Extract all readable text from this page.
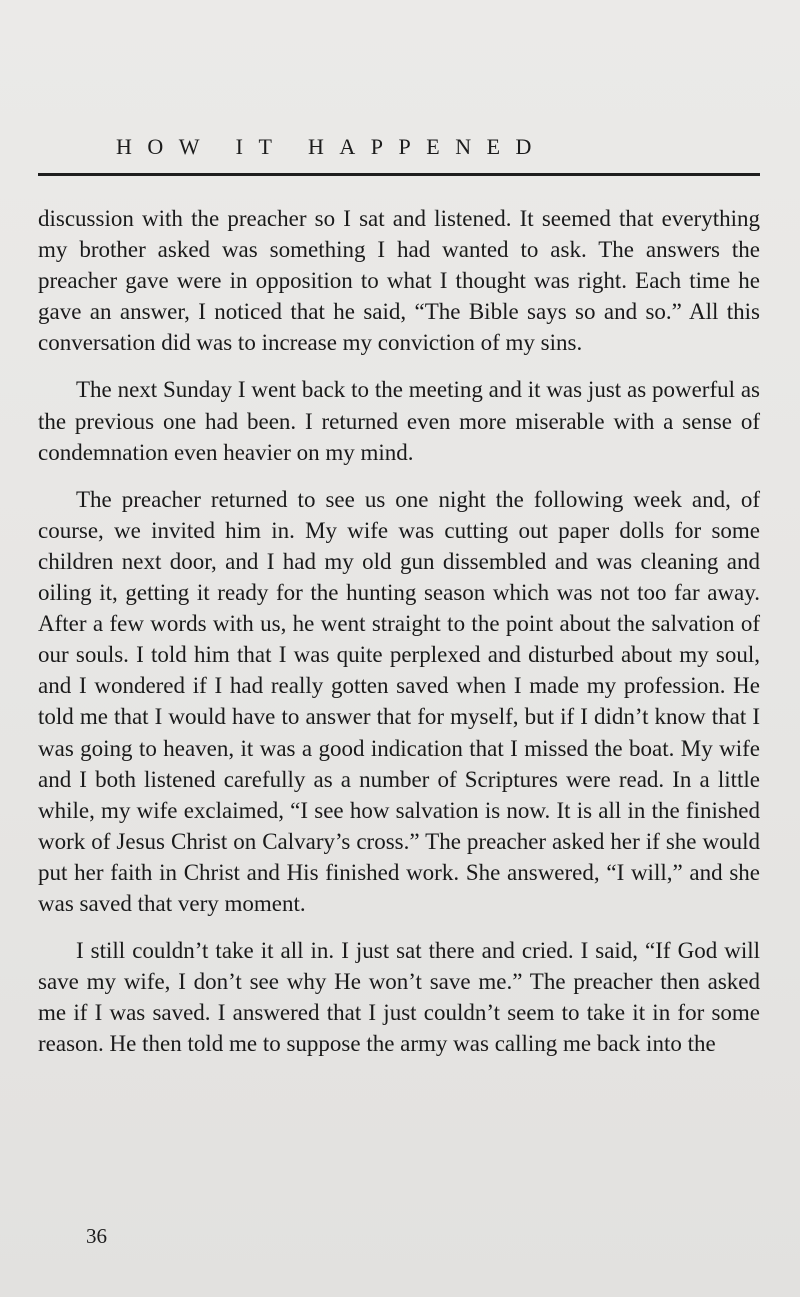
HOW IT HAPPENED

discussion with the preacher so I sat and listened. It seemed that everything my brother asked was something I had wanted to ask. The answers the preacher gave were in opposition to what I thought was right. Each time he gave an answer, I noticed that he said, “The Bible says so and so.” All this conversation did was to increase my conviction of my sins.

The next Sunday I went back to the meeting and it was just as powerful as the previous one had been. I returned even more miserable with a sense of condemnation even heavier on my mind.

The preacher returned to see us one night the following week and, of course, we invited him in. My wife was cutting out paper dolls for some children next door, and I had my old gun dissembled and was cleaning and oiling it, getting it ready for the hunting season which was not too far away. After a few words with us, he went straight to the point about the salvation of our souls. I told him that I was quite perplexed and disturbed about my soul, and I wondered if I had really gotten saved when I made my profession. He told me that I would have to answer that for myself, but if I didn’t know that I was going to heaven, it was a good indication that I missed the boat. My wife and I both listened carefully as a number of Scriptures were read. In a little while, my wife exclaimed, “I see how salvation is now. It is all in the finished work of Jesus Christ on Calvary’s cross.” The preacher asked her if she would put her faith in Christ and His finished work. She answered, “I will,” and she was saved that very moment.

I still couldn’t take it all in. I just sat there and cried. I said, “If God will save my wife, I don’t see why He won’t save me.” The preacher then asked me if I was saved. I answered that I just couldn’t seem to take it in for some reason. He then told me to suppose the army was calling me back into the

36
